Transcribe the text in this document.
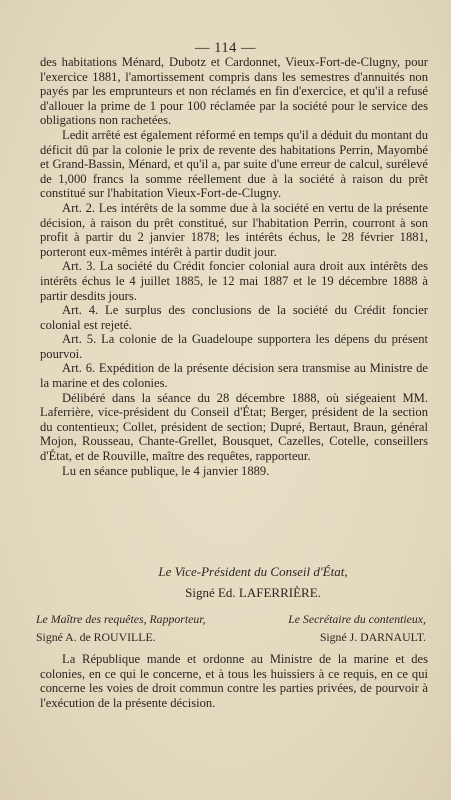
— 114 —

des habitations Ménard, Dubotz et Cardonnet, Vieux-Fort-de-Clugny, pour l'exercice 1881, l'amortissement compris dans les semestres d'annuités non payés par les emprunteurs et non réclamés en fin d'exercice, et qu'il a refusé d'allouer la prime de 1 pour 100 réclamée par la société pour le service des obligations non rachetées.

Ledit arrêté est également réformé en temps qu'il a déduit du montant du déficit dû par la colonie le prix de revente des habitations Perrin, Mayombé et Grand-Bassin, Ménard, et qu'il a, par suite d'une erreur de calcul, surélevé de 1,000 francs la somme réellement due à la société à raison du prêt constitué sur l'habitation Vieux-Fort-de-Clugny.

Art. 2. Les intérêts de la somme due à la société en vertu de la présente décision, à raison du prêt constitué, sur l'habitation Perrin, courront à son profit à partir du 2 janvier 1878; les intérêts échus, le 28 février 1881, porteront eux-mêmes intérêt à partir dudit jour.

Art. 3. La société du Crédit foncier colonial aura droit aux intérêts des intérêts échus le 4 juillet 1885, le 12 mai 1887 et le 19 décembre 1888 à partir desdits jours.

Art. 4. Le surplus des conclusions de la société du Crédit foncier colonial est rejeté.

Art. 5. La colonie de la Guadeloupe supportera les dépens du présent pourvoi.

Art. 6. Expédition de la présente décision sera transmise au Ministre de la marine et des colonies.

Délibéré dans la séance du 28 décembre 1888, où siégeaient MM. Laferrière, vice-président du Conseil d'État; Berger, président de la section du contentieux; Collet, président de section; Dupré, Bertaut, Braun, général Mojon, Rousseau, Chante-Grellet, Bousquet, Cazelles, Cotelle, conseillers d'État, et de Rouville, maître des requêtes, rapporteur.

Lu en séance publique, le 4 janvier 1889.

Le Vice-Président du Conseil d'État,
Signé Ed. LAFERRIÈRE.
Le Maître des requêtes, Rapporteur,	Le Secrétaire du contentieux,
Signé A. de ROUVILLE.	Signé J. DARNAULT.

La République mande et ordonne au Ministre de la marine et des colonies, en ce qui le concerne, et à tous les huissiers à ce requis, en ce qui concerne les voies de droit commun contre les parties privées, de pourvoir à l'exécution de la présente décision.
